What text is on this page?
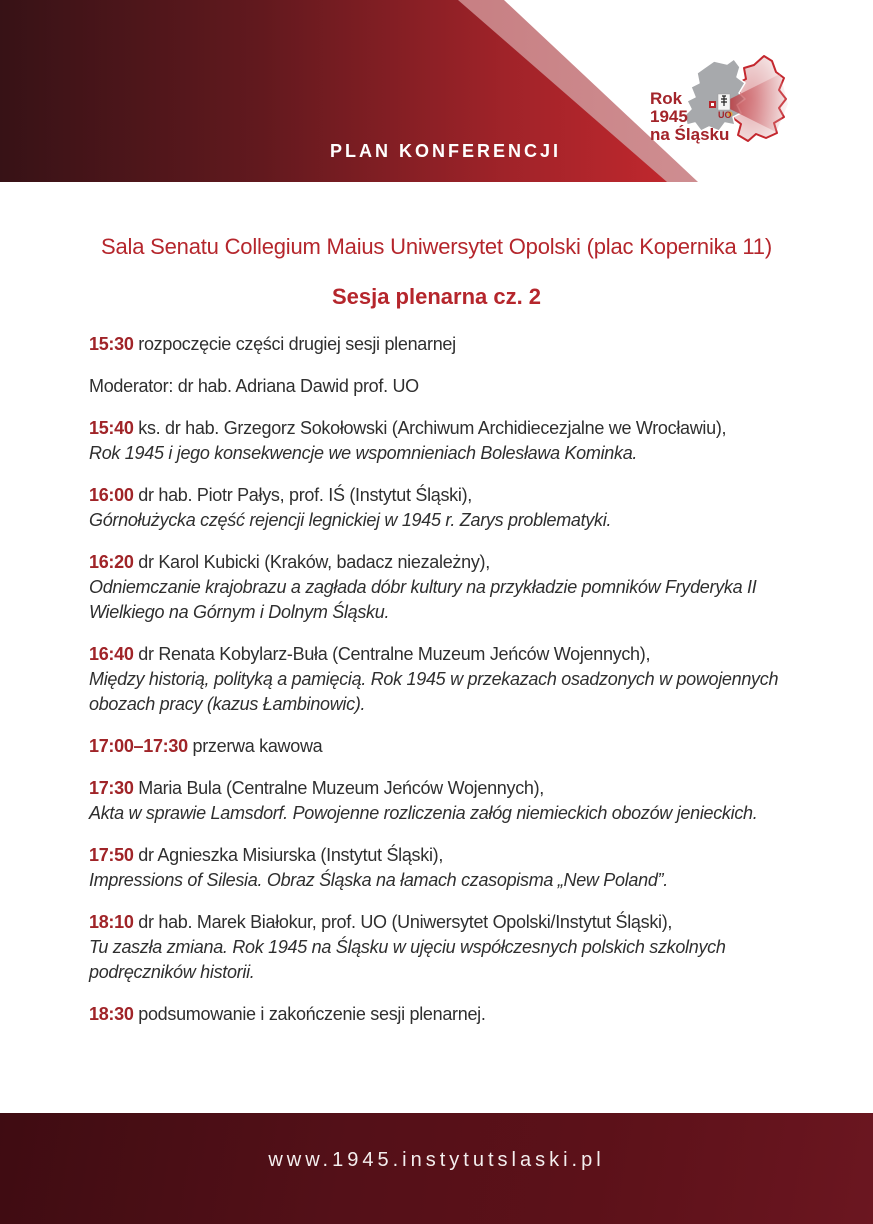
PLAN KONFERENCJI
UO
Rok
1945
na Śląsku
Sala Senatu Collegium Maius Uniwersytet Opolski (plac Kopernika 11)
Sesja plenarna cz. 2

15:30 rozpoczęcie części drugiej sesji plenarnej

Moderator: dr hab. Adriana Dawid prof. UO

15:40 ks. dr hab. Grzegorz Sokołowski (Archiwum Archidiecezjalne we Wrocławiu),
Rok 1945 i jego konsekwencje we wspomnieniach Bolesława Kominka.

16:00 dr hab. Piotr Pałys, prof. IŚ (Instytut Śląski),
Górnołużycka część rejencji legnickiej w 1945 r. Zarys problematyki.

16:20 dr Karol Kubicki (Kraków, badacz niezależny),
Odniemczanie krajobrazu a zagłada dóbr kultury na przykładzie pomników Fryderyka II Wielkiego na Górnym i Dolnym Śląsku.

16:40 dr Renata Kobylarz-Buła (Centralne Muzeum Jeńców Wojennych),
Między historią, polityką a pamięcią. Rok 1945 w przekazach osadzonych w powojennych obozach pracy (kazus Łambinowic).

17:00–17:30 przerwa kawowa

17:30 Maria Bula (Centralne Muzeum Jeńców Wojennych),
Akta w sprawie Lamsdorf. Powojenne rozliczenia załóg niemieckich obozów jenieckich.

17:50 dr Agnieszka Misiurska (Instytut Śląski),
Impressions of Silesia. Obraz Śląska na łamach czasopisma „New Poland”.

18:10 dr hab. Marek Białokur, prof. UO (Uniwersytet Opolski/Instytut Śląski),
Tu zaszła zmiana. Rok 1945 na Śląsku w ujęciu współczesnych polskich szkolnych podręczników historii.

18:30 podsumowanie i zakończenie sesji plenarnej.

www.1945.instytutslaski.pl
